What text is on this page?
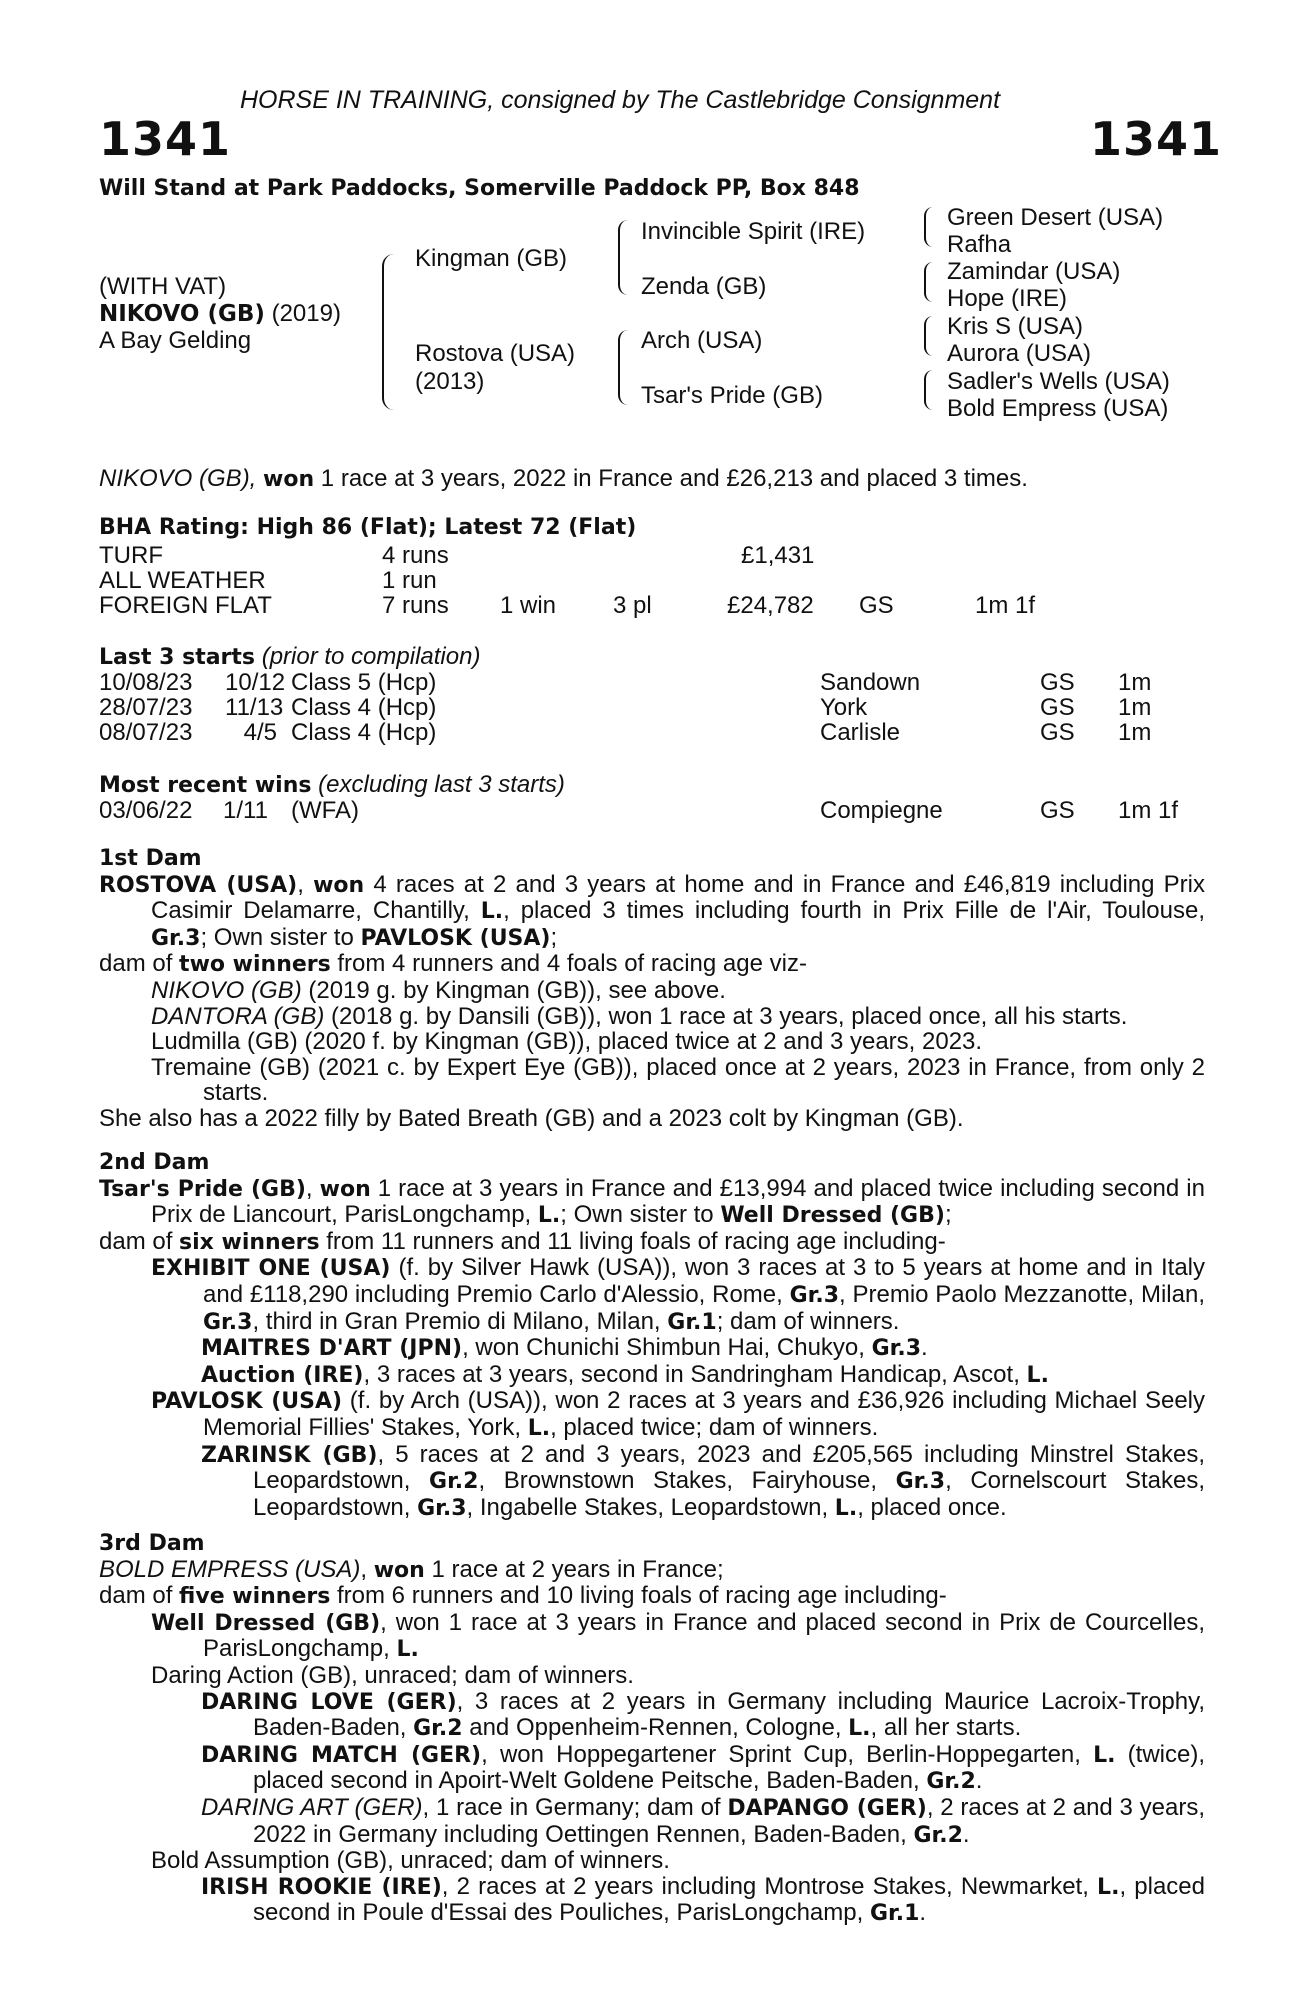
HORSE IN TRAINING, consigned by The Castlebridge Consignment
1341	1341
Will Stand at Park Paddocks, Somerville Paddock PP, Box 848
(WITH VAT)
NIKOVO (GB) (2019)
A Bay Gelding
Kingman (GB)
Rostova (USA)
(2013)
Invincible Spirit (IRE)
Zenda (GB)
Arch (USA)
Tsar's Pride (GB)
Green Desert (USA)
Rafha
Zamindar (USA)
Hope (IRE)
Kris S (USA)
Aurora (USA)
Sadler's Wells (USA)
Bold Empress (USA)
NIKOVO (GB), won 1 race at 3 years, 2022 in France and £26,213 and placed 3 times.
BHA Rating: High 86 (Flat); Latest 72 (Flat)
TURF	4 runs	£1,431
ALL WEATHER	1 run
FOREIGN FLAT	7 runs 1 win 3 pl	£24,782 GS	1m 1f
Last 3 starts (prior to compilation)
10/08/23 10/12 Class 5 (Hcp)	Sandown	GS 1m
28/07/23 11/13 Class 4 (Hcp)	York	GS 1m
08/07/23	4/5 Class 4 (Hcp)	Carlisle	GS 1m
Most recent wins (excluding last 3 starts)
03/06/22 1/11 (WFA)	Compiegne	GS 1m 1f

1st Dam

ROSTOVA (USA), won 4 races at 2 and 3 years at home and in France and £46,819 including Prix Casimir Delamarre, Chantilly, L., placed 3 times including fourth in Prix Fille de l'Air, Toulouse, Gr.3; Own sister to PAVLOSK (USA);

dam of two winners from 4 runners and 4 foals of racing age viz-

NIKOVO (GB) (2019 g. by Kingman (GB)), see above.

DANTORA (GB) (2018 g. by Dansili (GB)), won 1 race at 3 years, placed once, all his starts.

Ludmilla (GB) (2020 f. by Kingman (GB)), placed twice at 2 and 3 years, 2023.

Tremaine (GB) (2021 c. by Expert Eye (GB)), placed once at 2 years, 2023 in France, from only 2 starts.

She also has a 2022 filly by Bated Breath (GB) and a 2023 colt by Kingman (GB).

2nd Dam

Tsar's Pride (GB), won 1 race at 3 years in France and £13,994 and placed twice including second in Prix de Liancourt, ParisLongchamp, L.; Own sister to Well Dressed (GB);

dam of six winners from 11 runners and 11 living foals of racing age including-

EXHIBIT ONE (USA) (f. by Silver Hawk (USA)), won 3 races at 3 to 5 years at home and in Italy and £118,290 including Premio Carlo d'Alessio, Rome, Gr.3, Premio Paolo Mezzanotte, Milan, Gr.3, third in Gran Premio di Milano, Milan, Gr.1; dam of winners.

MAITRES D'ART (JPN), won Chunichi Shimbun Hai, Chukyo, Gr.3.

Auction (IRE), 3 races at 3 years, second in Sandringham Handicap, Ascot, L.

PAVLOSK (USA) (f. by Arch (USA)), won 2 races at 3 years and £36,926 including Michael Seely Memorial Fillies' Stakes, York, L., placed twice; dam of winners.

ZARINSK (GB), 5 races at 2 and 3 years, 2023 and £205,565 including Minstrel Stakes, Leopardstown, Gr.2, Brownstown Stakes, Fairyhouse, Gr.3, Cornelscourt Stakes, Leopardstown, Gr.3, Ingabelle Stakes, Leopardstown, L., placed once.

3rd Dam

BOLD EMPRESS (USA), won 1 race at 2 years in France;

dam of five winners from 6 runners and 10 living foals of racing age including-

Well Dressed (GB), won 1 race at 3 years in France and placed second in Prix de Courcelles, ParisLongchamp, L.

Daring Action (GB), unraced; dam of winners.

DARING LOVE (GER), 3 races at 2 years in Germany including Maurice Lacroix-Trophy, Baden-Baden, Gr.2 and Oppenheim-Rennen, Cologne, L., all her starts.

DARING MATCH (GER), won Hoppegartener Sprint Cup, Berlin-Hoppegarten, L. (twice), placed second in Apoirt-Welt Goldene Peitsche, Baden-Baden, Gr.2.

DARING ART (GER), 1 race in Germany; dam of DAPANGO (GER), 2 races at 2 and 3 years, 2022 in Germany including Oettingen Rennen, Baden-Baden, Gr.2.

Bold Assumption (GB), unraced; dam of winners.

IRISH ROOKIE (IRE), 2 races at 2 years including Montrose Stakes, Newmarket, L., placed second in Poule d'Essai des Pouliches, ParisLongchamp, Gr.1.
